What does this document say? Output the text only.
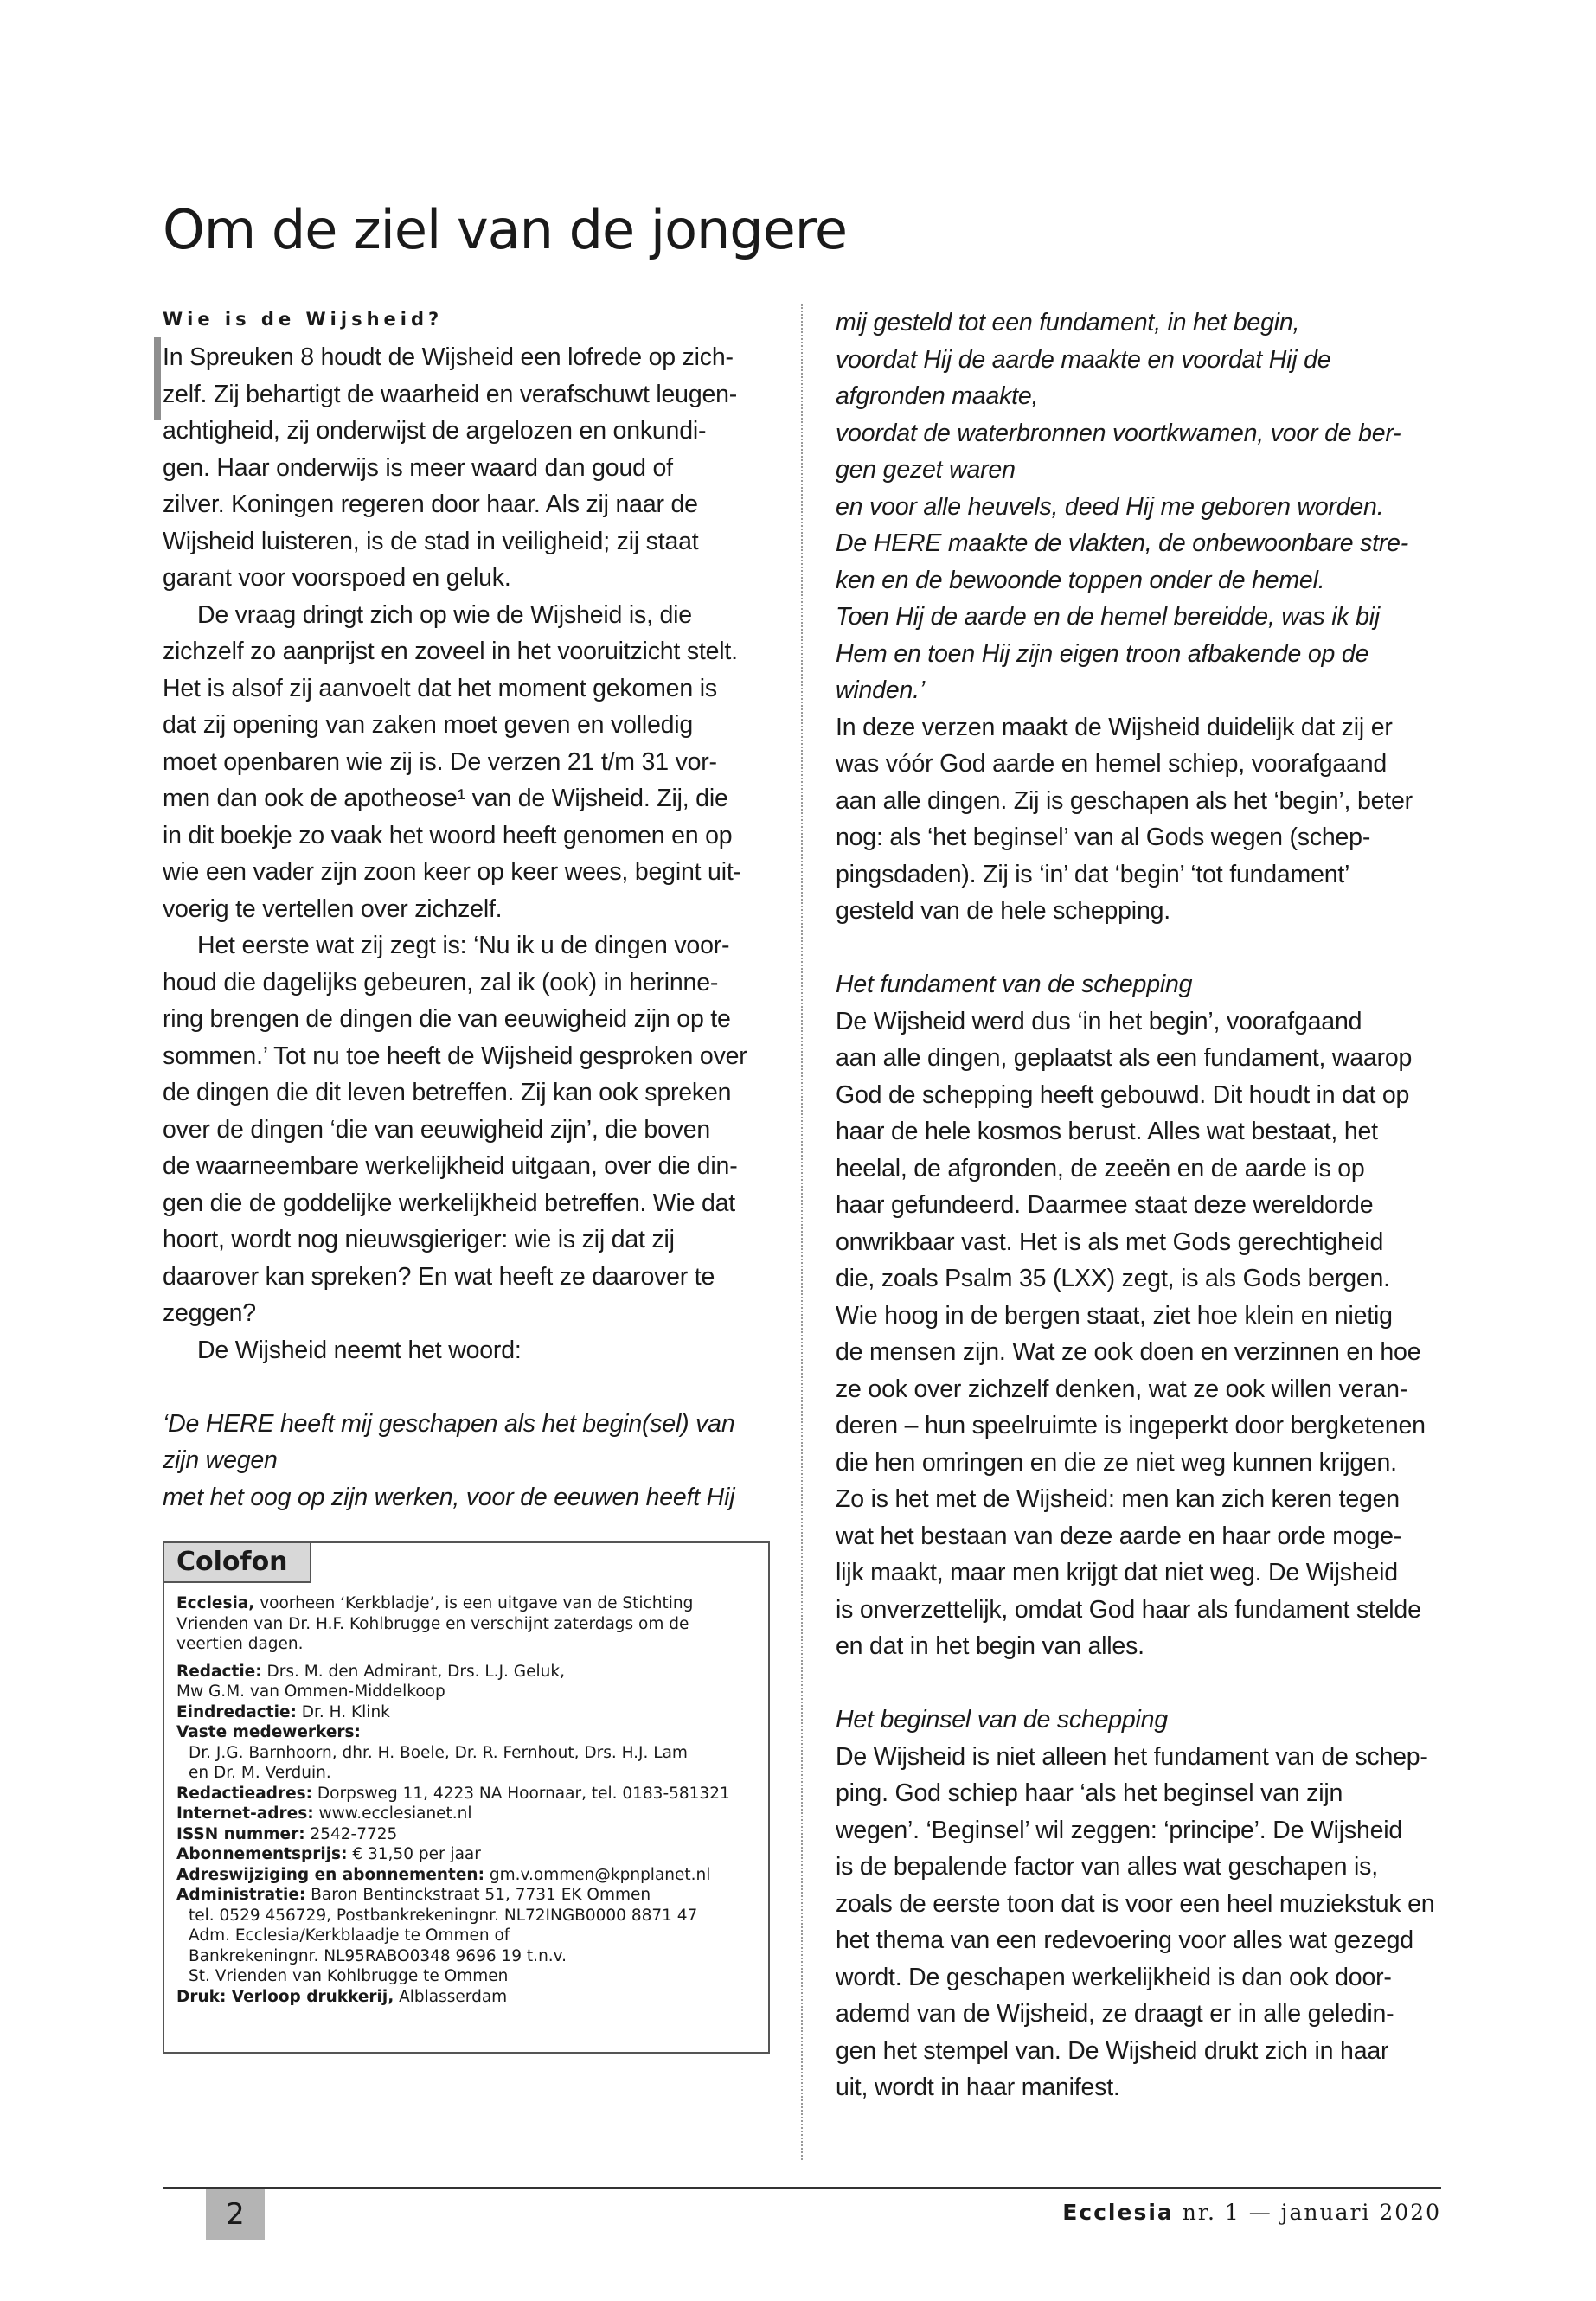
Om de ziel van de jongere
Wie is de Wijsheid?
In Spreuken 8 houdt de Wijsheid een lofrede op zich-
zelf. Zij behartigt de waarheid en verafschuwt leugen-
achtigheid, zij onderwijst de argelozen en onkundi-
gen. Haar onderwijs is meer waard dan goud of
zilver. Koningen regeren door haar. Als zij naar de
Wijsheid luisteren, is de stad in veiligheid; zij staat
garant voor voorspoed en geluk.
De vraag dringt zich op wie de Wijsheid is, die
zichzelf zo aanprijst en zoveel in het vooruitzicht stelt.
Het is alsof zij aanvoelt dat het moment gekomen is
dat zij opening van zaken moet geven en volledig
moet openbaren wie zij is. De verzen 21 t/m 31 vor-
men dan ook de apotheose¹ van de Wijsheid. Zij, die
in dit boekje zo vaak het woord heeft genomen en op
wie een vader zijn zoon keer op keer wees, begint uit-
voerig te vertellen over zichzelf.
Het eerste wat zij zegt is: ‘Nu ik u de dingen voor-
houd die dagelijks gebeuren, zal ik (ook) in herinne-
ring brengen de dingen die van eeuwigheid zijn op te
sommen.’ Tot nu toe heeft de Wijsheid gesproken over
de dingen die dit leven betreffen. Zij kan ook spreken
over de dingen ‘die van eeuwigheid zijn’, die boven
de waarneembare werkelijkheid uitgaan, over die din-
gen die de goddelijke werkelijkheid betreffen. Wie dat
hoort, wordt nog nieuwsgieriger: wie is zij dat zij
daarover kan spreken? En wat heeft ze daarover te
zeggen?
De Wijsheid neemt het woord:
‘De HERE heeft mij geschapen als het begin(sel) van
zijn wegen
met het oog op zijn werken, voor de eeuwen heeft Hij
mij gesteld tot een fundament, in het begin,
voordat Hij de aarde maakte en voordat Hij de
afgronden maakte,
voordat de waterbronnen voortkwamen, voor de ber-
gen gezet waren
en voor alle heuvels, deed Hij me geboren worden.
De HERE maakte de vlakten, de onbewoonbare stre-
ken en de bewoonde toppen onder de hemel.
Toen Hij de aarde en de hemel bereidde, was ik bij
Hem en toen Hij zijn eigen troon afbakende op de
winden.’
In deze verzen maakt de Wijsheid duidelijk dat zij er
was vóór God aarde en hemel schiep, voorafgaand
aan alle dingen. Zij is geschapen als het ‘begin’, beter
nog: als ‘het beginsel’ van al Gods wegen (schep-
pingsdaden). Zij is ‘in’ dat ‘begin’ ‘tot fundament’
gesteld van de hele schepping.
Het fundament van de schepping
De Wijsheid werd dus ‘in het begin’, voorafgaand
aan alle dingen, geplaatst als een fundament, waarop
God de schepping heeft gebouwd. Dit houdt in dat op
haar de hele kosmos berust. Alles wat bestaat, het
heelal, de afgronden, de zeeën en de aarde is op
haar gefundeerd. Daarmee staat deze wereldorde
onwrikbaar vast. Het is als met Gods gerechtigheid
die, zoals Psalm 35 (LXX) zegt, is als Gods bergen.
Wie hoog in de bergen staat, ziet hoe klein en nietig
de mensen zijn. Wat ze ook doen en verzinnen en hoe
ze ook over zichzelf denken, wat ze ook willen veran-
deren – hun speelruimte is ingeperkt door bergketenen
die hen omringen en die ze niet weg kunnen krijgen.
Zo is het met de Wijsheid: men kan zich keren tegen
wat het bestaan van deze aarde en haar orde moge-
lijk maakt, maar men krijgt dat niet weg. De Wijsheid
is onverzettelijk, omdat God haar als fundament stelde
en dat in het begin van alles.
Het beginsel van de schepping
De Wijsheid is niet alleen het fundament van de schep-
ping. God schiep haar ‘als het beginsel van zijn
wegen’. ‘Beginsel’ wil zeggen: ‘principe’. De Wijsheid
is de bepalende factor van alles wat geschapen is,
zoals de eerste toon dat is voor een heel muziekstuk en
het thema van een redevoering voor alles wat gezegd
wordt. De geschapen werkelijkheid is dan ook door-
ademd van de Wijsheid, ze draagt er in alle geledin-
gen het stempel van. De Wijsheid drukt zich in haar
uit, wordt in haar manifest.
Colofon
Ecclesia, voorheen ‘Kerkbladje’, is een uitgave van de Stichting
Vrienden van Dr. H.F. Kohlbrugge en verschijnt zaterdags om de
veertien dagen.
Redactie: Drs. M. den Admirant, Drs. L.J. Geluk,
Mw G.M. van Ommen-Middelkoop
Eindredactie: Dr. H. Klink
Vaste medewerkers:
Dr. J.G. Barnhoorn, dhr. H. Boele, Dr. R. Fernhout, Drs. H.J. Lam
en Dr. M. Verduin.
Redactieadres: Dorpsweg 11, 4223 NA Hoornaar, tel. 0183-581321
Internet-adres: www.ecclesianet.nl
ISSN nummer: 2542-7725
Abonnementsprijs: € 31,50 per jaar
Adreswijziging en abonnementen: gm.v.ommen@kpnplanet.nl
Administratie: Baron Bentinckstraat 51, 7731 EK Ommen
tel. 0529 456729, Postbankrekeningnr. NL72INGB0000 8871 47
Adm. Ecclesia/Kerkblaadje te Ommen of
Bankrekeningnr. NL95RABO0348 9696 19 t.n.v.
St. Vrienden van Kohlbrugge te Ommen
Druk: Verloop drukkerij, Alblasserdam
2	Ecclesia nr. 1 — januari 2020
